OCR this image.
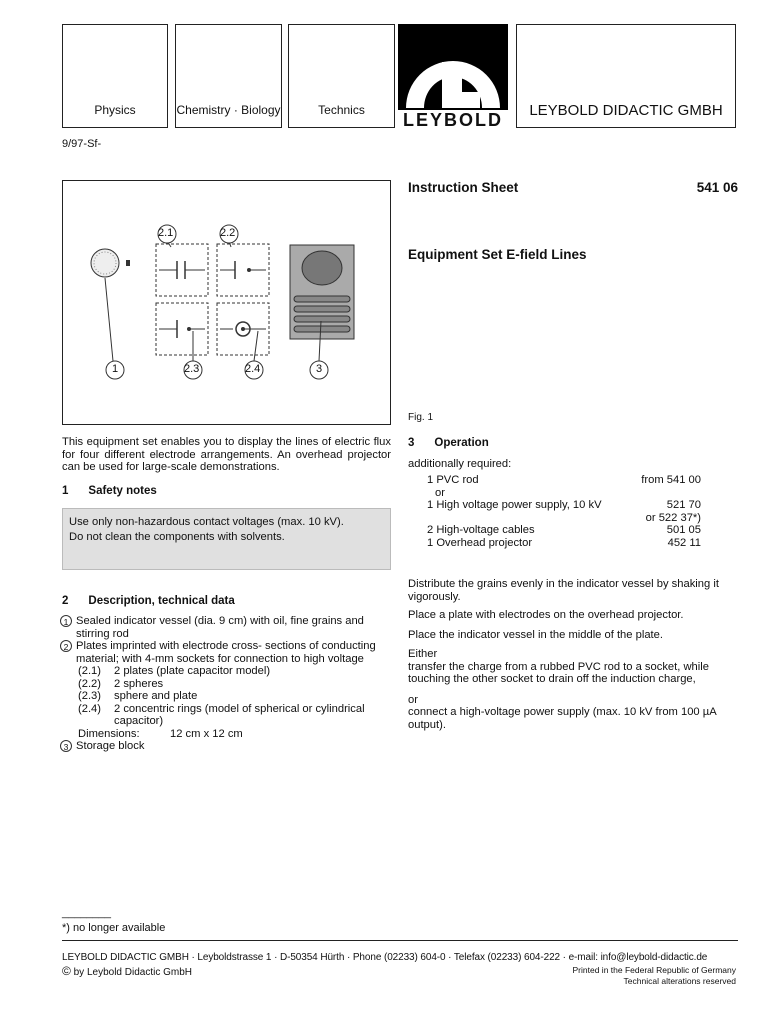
Physics	Chemistry · Biology	Technics LEYBOLD	LEYBOLD DIDACTIC GMBH
9/97-Sf-
2.1	2.2
1	2.3	2.4	3
Instruction Sheet	541 06
Equipment Set E-field Lines
Fig. 1
This equipment set enables you to display the lines of electric flux for four different electrode arrangements. An overhead projector can be used for large-scale demonstrations.
1 Safety notes
Use only non-hazardous contact voltages (max. 10 kV).
Do not clean the components with solvents.
2 Description, technical data
1 Sealed indicator vessel (dia. 9 cm) with oil, fine grains and stirring rod
2 Plates imprinted with electrode cross- sections of conducting material; with 4-mm sockets for connection to high voltage
(2.1)	2 plates (plate capacitor model)
(2.2)	2 spheres
(2.3)	sphere and plate
(2.4)	2 concentric rings (model of spherical or cylindrical capacitor)
Dimensions:	12 cm x 12 cm
3 Storage block
3 Operation
additionally required:
1 PVC rod	from 541 00
or
1 High voltage power supply, 10 kV	521 70
or 522 37*)
2 High-voltage cables	501 05
1 Overhead projector	452 11
Distribute the grains evenly in the indicator vessel by shaking it vigorously.
Place a plate with electrodes on the overhead projector.
Place the indicator vessel in the middle of the plate.
Either
transfer the charge from a rubbed PVC rod to a socket, while touching the other socket to drain off the induction charge,
or
connect a high-voltage power supply (max. 10 kV from 100 µA output).
________
*) no longer available
LEYBOLD DIDACTIC GMBH · Leyboldstrasse 1 · D-50354 Hürth · Phone (02233) 604-0 · Telefax (02233) 604-222 · e-mail: info@leybold-didactic.de
© by Leybold Didactic GmbH	Printed in the Federal Republic of Germany
Technical alterations reserved
